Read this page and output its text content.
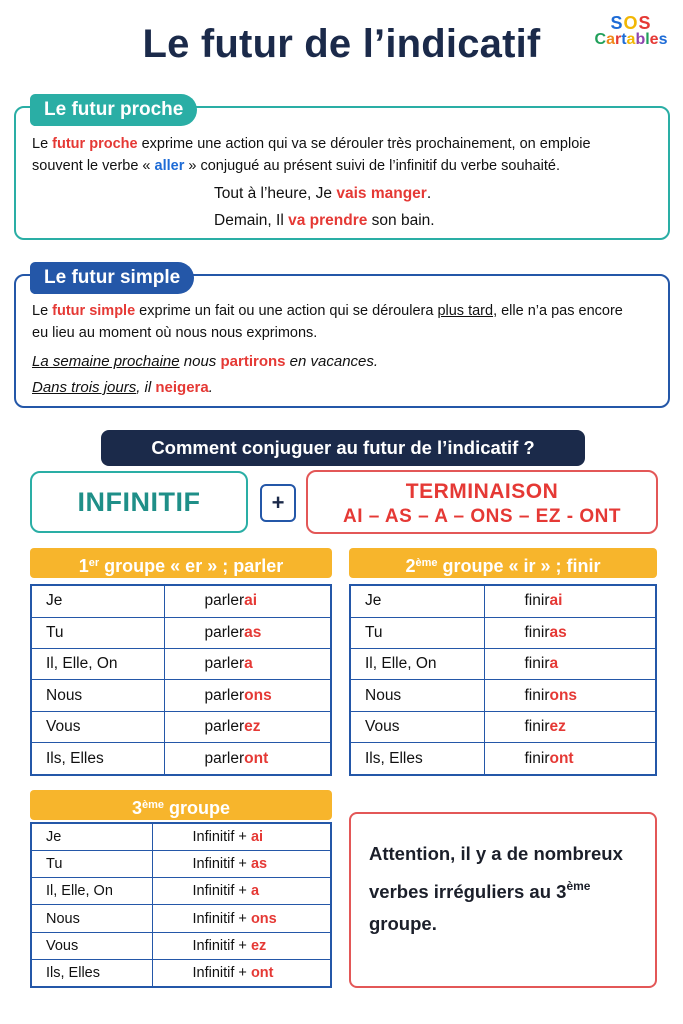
Le futur de l’indicatif	SOS
Cartables
Le futur proche
Le futur proche exprime une action qui va se dérouler très prochainement, on emploie
souvent le verbe « aller » conjugué au présent suivi de l’infinitif du verbe souhaité.
Tout à l’heure, Je vais manger.
Demain, Il va prendre son bain.
Le futur simple
Le futur simple exprime un fait ou une action qui se déroulera plus tard, elle n’a pas encore
eu lieu au moment où nous nous exprimons.
La semaine prochaine nous partirons en vacances.
Dans trois jours, il neigera.
Comment conjuguer au futur de l’indicatif ?
INFINITIF	+	TERMINAISON
AI – AS – A – ONS – EZ - ONT
1er groupe « er » ; parler
Je	parlerai
Tu	parleras
Il, Elle, On	parlera
Nous	parlerons
Vous	parlerez
Ils, Elles	parleront
2ème groupe « ir » ; finir
Je	finirai
Tu	finiras
Il, Elle, On	finira
Nous	finirons
Vous	finirez
Ils, Elles	finiront
3ème groupe
Je	Infinitif + ai
Tu	Infinitif + as
Il, Elle, On	Infinitif + a
Nous	Infinitif + ons
Vous	Infinitif + ez
Ils, Elles	Infinitif + ont
Attention, il y a de nombreux verbes irréguliers au 3ème groupe.
